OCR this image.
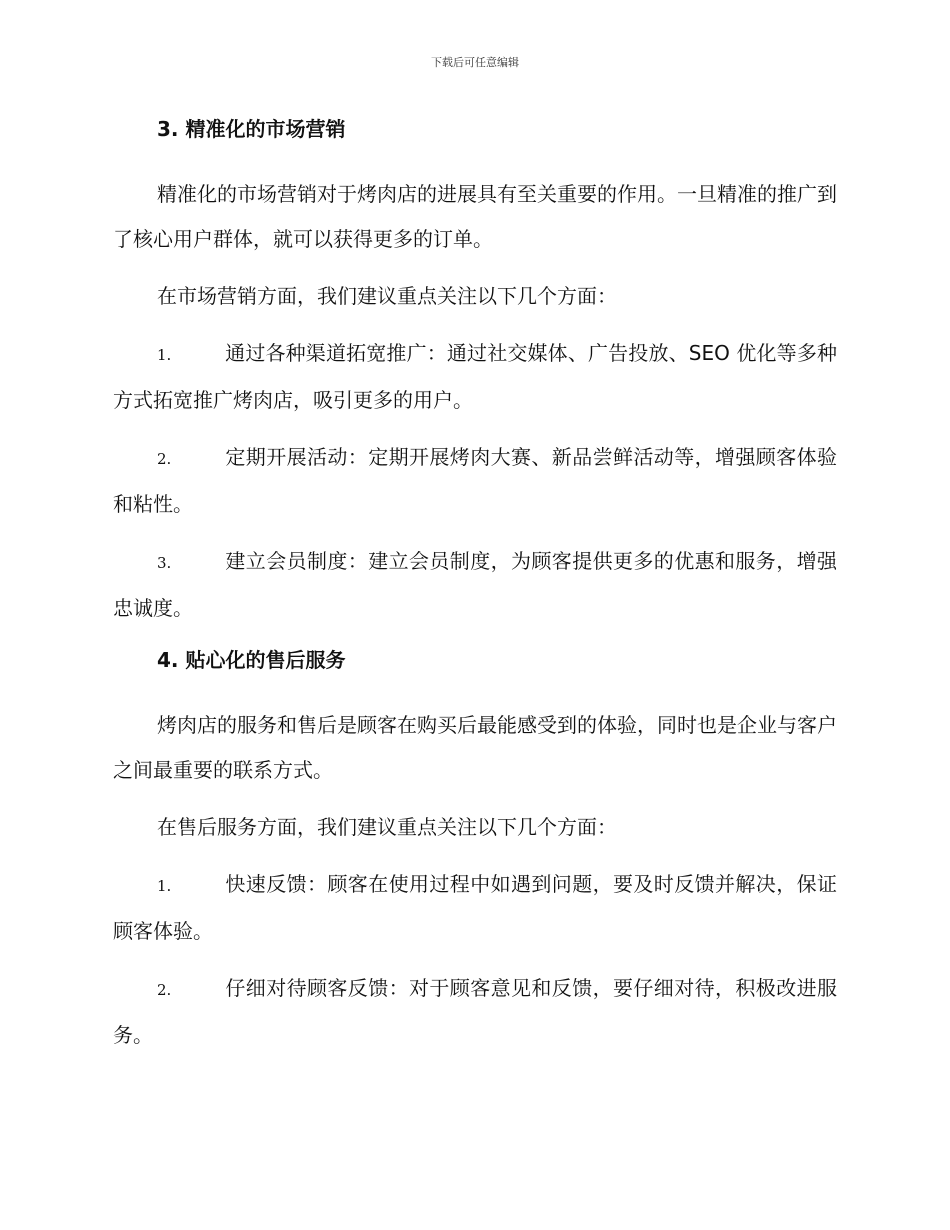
下载后可任意编辑
3. 精准化的市场营销

精准化的市场营销对于烤肉店的进展具有至关重要的作用。一旦精准的推广到了核心用户群体，就可以获得更多的订单。

在市场营销方面，我们建议重点关注以下几个方面：

1.	通过各种渠道拓宽推广：通过社交媒体、广告投放、SEO 优化等多种方式拓宽推广烤肉店，吸引更多的用户。

2.	定期开展活动：定期开展烤肉大赛、新品尝鲜活动等，增强顾客体验和粘性。

3.	建立会员制度：建立会员制度，为顾客提供更多的优惠和服务，增强忠诚度。

4. 贴心化的售后服务

烤肉店的服务和售后是顾客在购买后最能感受到的体验，同时也是企业与客户之间最重要的联系方式。

在售后服务方面，我们建议重点关注以下几个方面：

1.	快速反馈：顾客在使用过程中如遇到问题，要及时反馈并解决，保证顾客体验。

2.	仔细对待顾客反馈：对于顾客意见和反馈，要仔细对待，积极改进服务。
